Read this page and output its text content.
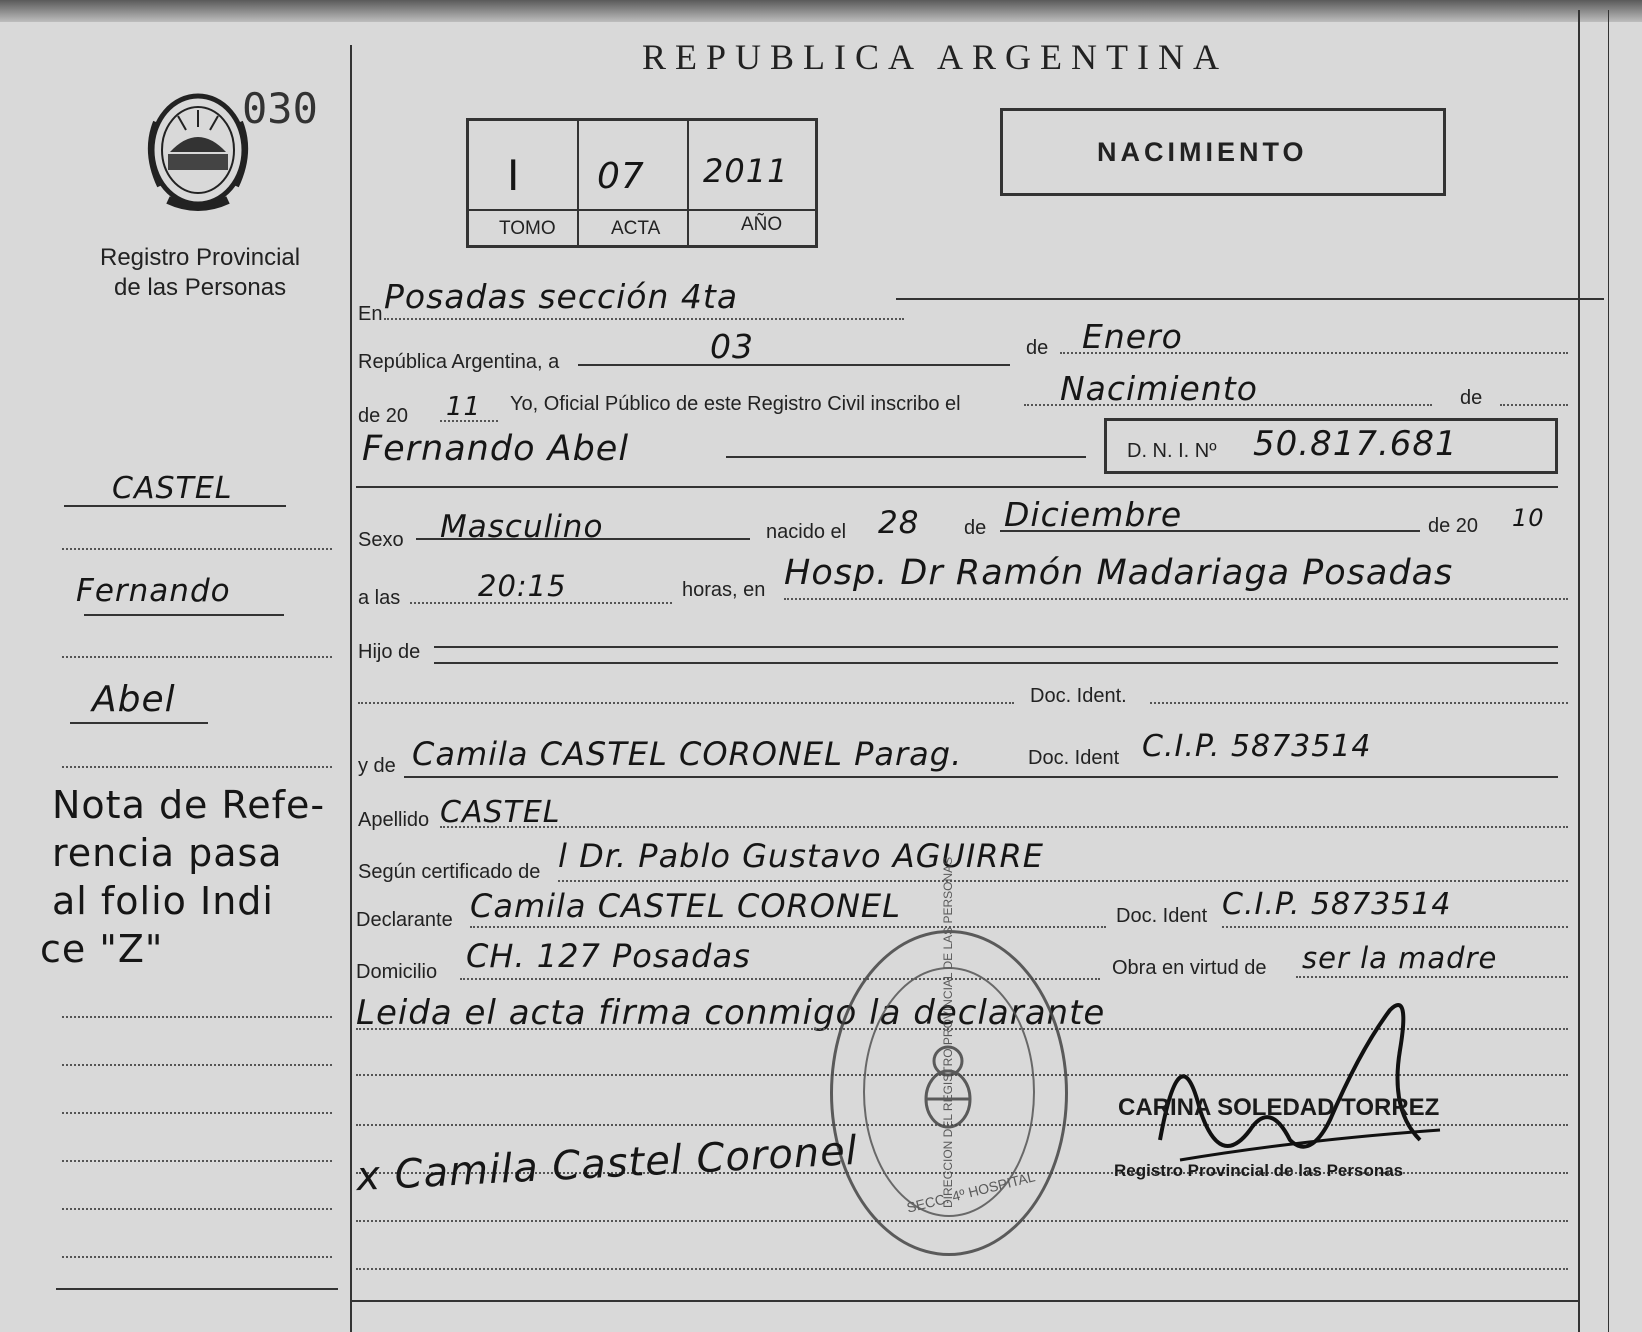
030
Registro Provincial
de las Personas
CASTEL
Fernando
Abel
Nota de Refe-
rencia pasa
al folio Indi
ce "Z"
REPUBLICA ARGENTINA
I 07 2011
TOMO	ACTA	AÑO
NACIMIENTO
En Posadas sección 4ta
República Argentina, a	03	de Enero
de 20 11 Yo, Oficial Público de este Registro Civil inscribo el	Nacimiento	de
Fernando Abel	D. N. I. Nº 50.817.681
Sexo Masculino	nacido el 28 de Diciembre	de 20 10
a las	20:15	horas, en Hosp. Dr Ramón Madariaga Posadas
Hijo de
Doc. Ident.
y de Camila CASTEL CORONEL Parag.	Doc. Ident C.I.P. 5873514
Apellido CASTEL
Según certificado de l Dr. Pablo Gustavo AGUIRRE
Declarante Camila CASTEL CORONEL	Doc. Ident C.I.P. 5873514
Domicilio CH. 127 Posadas	Obra en virtud de ser la madre
Leida el acta firma conmigo la declarante
DIRECCION DEL REGISTRO PROVINCIAL DE LAS PERSONAS
SECC. 4º HOSPITAL
x Camila Castel Coronel
CARINA SOLEDAD TORREZ
Registro Provincial de las Personas
